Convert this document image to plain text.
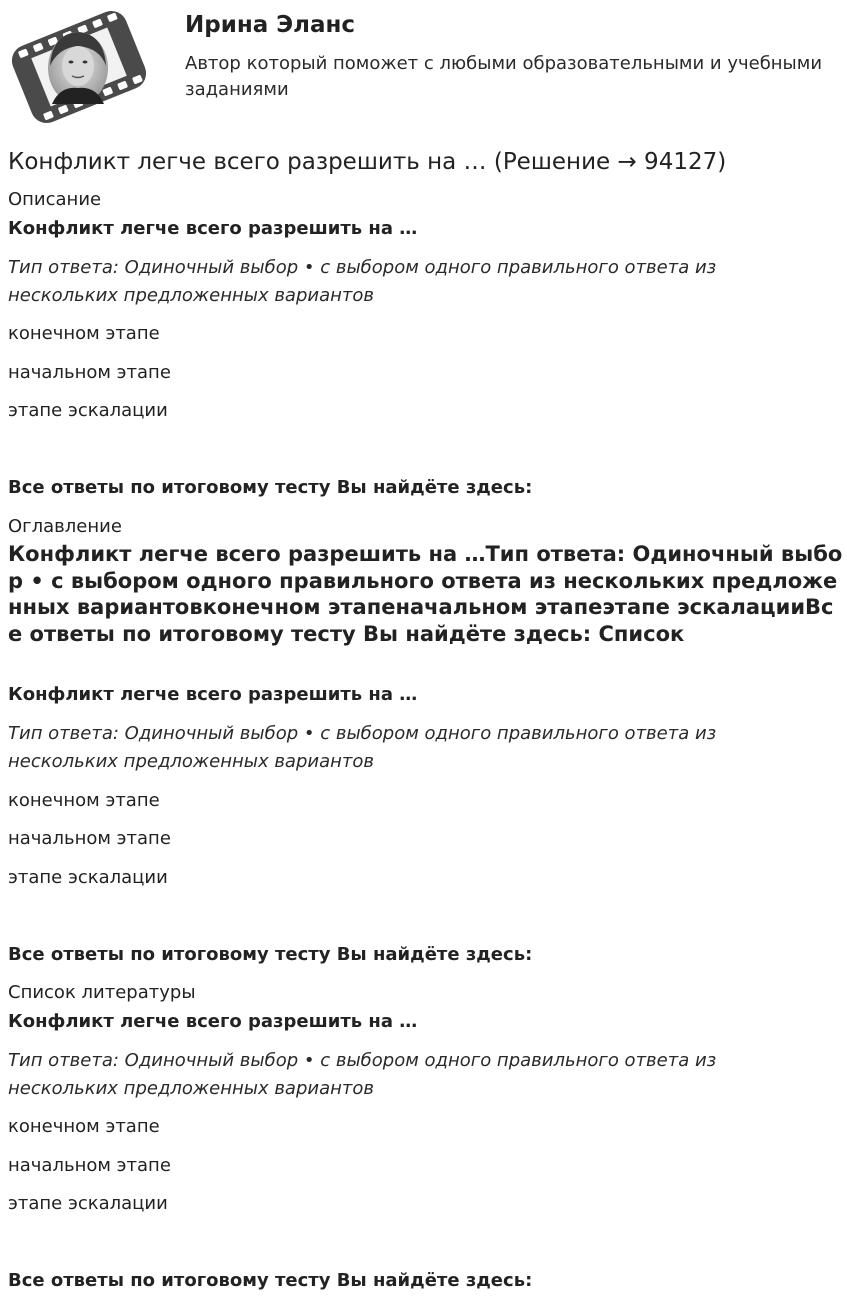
Ирина Эланс

Автор который поможет с любыми образовательными и учебными заданиями

Конфликт легче всего разрешить на … (Решение → 94127)

Описание

Конфликт легче всего разрешить на …

Тип ответа: Одиночный выбор • с выбором одного правильного ответа из нескольких предложенных вариантов

конечном этапе

начальном этапе

этапе эскалации

Все ответы по итоговому тесту Вы найдёте здесь:

Оглавление

Конфликт легче всего разрешить на …Тип ответа: Одиночный выбор • с выбором одного правильного ответа из нескольких предложенных вариантовконечном этапеначальном этапеэтапе эскалацииВсе ответы по итоговому тесту Вы найдёте здесь: Список

Конфликт легче всего разрешить на …

Тип ответа: Одиночный выбор • с выбором одного правильного ответа из нескольких предложенных вариантов

конечном этапе

начальном этапе

этапе эскалации

Все ответы по итоговому тесту Вы найдёте здесь:

Список литературы

Конфликт легче всего разрешить на …

Тип ответа: Одиночный выбор • с выбором одного правильного ответа из нескольких предложенных вариантов

конечном этапе

начальном этапе

этапе эскалации

Все ответы по итоговому тесту Вы найдёте здесь:
